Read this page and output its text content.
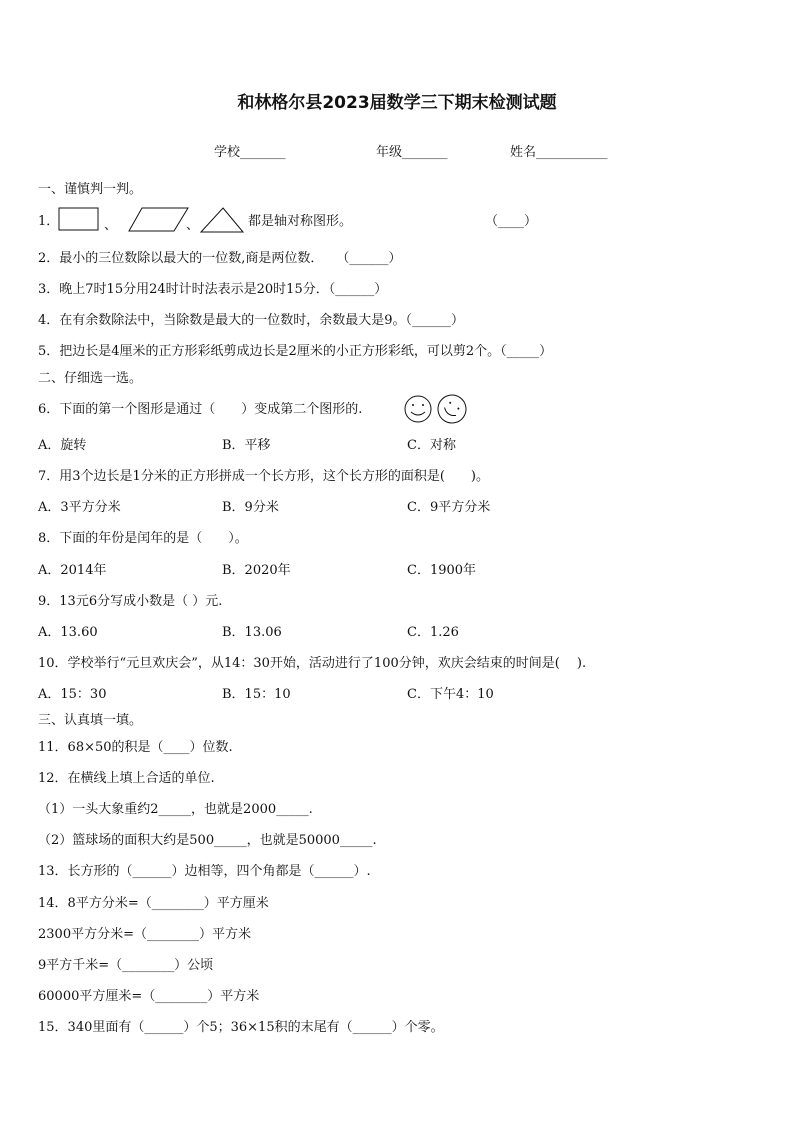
和林格尔县2023届数学三下期末检测试题
学校_______	年级_______	姓名___________
一、谨慎判一判。
1．	、	、	都是轴对称图形。	（____）
2．最小的三位数除以最大的一位数,商是两位数．　　（______）
3．晚上7时15分用24时计时法表示是20时15分．（______）
4．在有余数除法中，当除数是最大的一位数时，余数最大是9。（______）
5．把边长是4厘米的正方形彩纸剪成边长是2厘米的小正方形彩纸，可以剪2个。（_____）
二、仔细选一选。
6．下面的第一个图形是通过（　　）变成第二个图形的.
A．旋转	B．平移	C．对称
7．用3个边长是1分米的正方形拼成一个长方形，这个长方形的面积是(　　)。
A．3平方分米	B．9分米	C．9平方分米
8．下面的年份是闰年的是（　　）。
A．2014年	B．2020年	C．1900年
9．13元6分写成小数是（ ）元.
A．13.60	B．13.06	C．1.26
10．学校举行“元旦欢庆会”，从14：30开始，活动进行了100分钟，欢庆会结束的时间是(　 ).
A．15：30	B．15：10	C．下午4：10
三、认真填一填。
11．68×50的积是（____）位数.
12．在横线上填上合适的单位.
（1）一头大象重约2_____，也就是2000_____.
（2）篮球场的面积大约是500_____，也就是50000_____.
13．长方形的（______）边相等，四个角都是（______）.
14．8平方分米=（________）平方厘米
2300平方分米=（________）平方米
9平方千米=（________）公顷
60000平方厘米=（________）平方米
15．340里面有（______）个5；36×15积的末尾有（______）个零。
